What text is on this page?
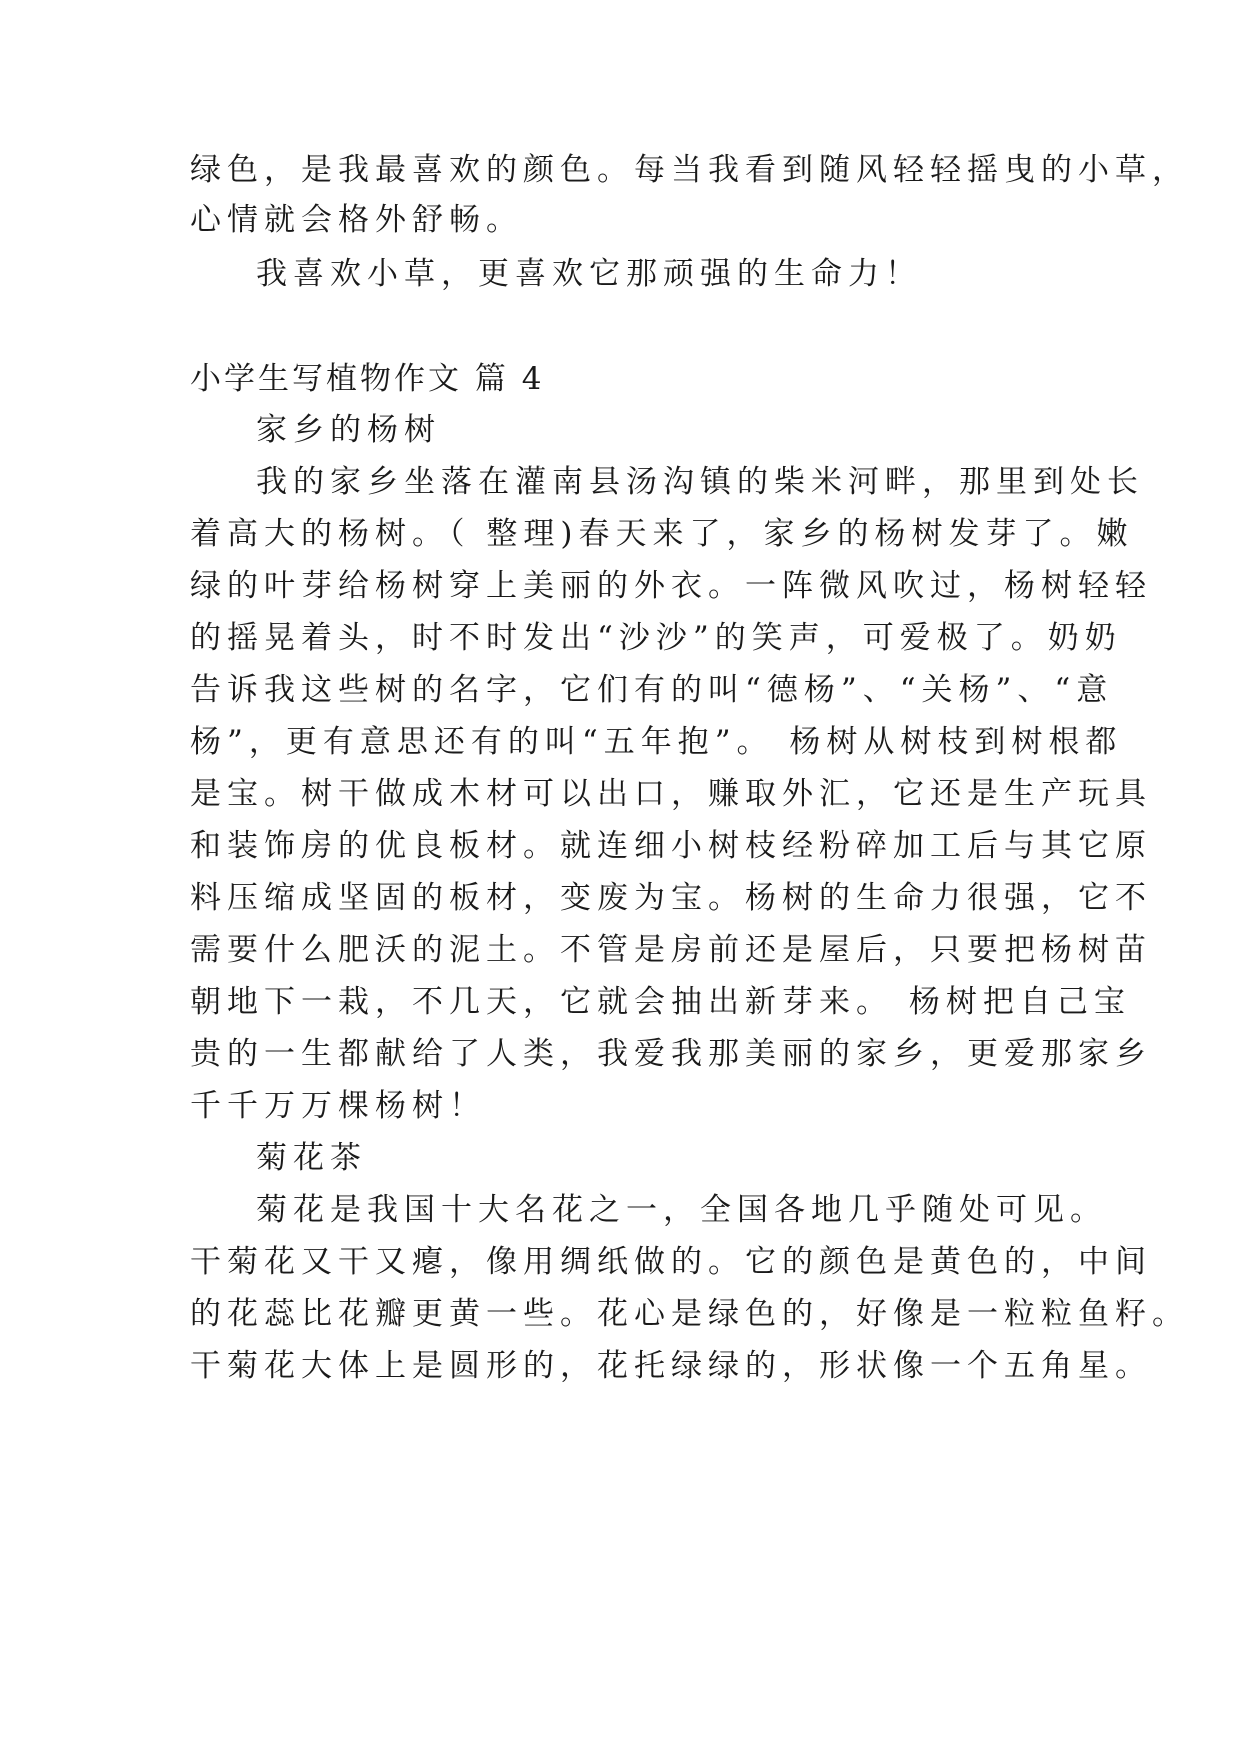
绿色，是我最喜欢的颜色。每当我看到随风轻轻摇曳的小草，
心情就会格外舒畅。
我喜欢小草，更喜欢它那顽强的生命力！
小学生写植物作文 篇 4
家乡的杨树
我的家乡坐落在灌南县汤沟镇的柴米河畔，那里到处长
着高大的杨树。（ 整理)春天来了，家乡的杨树发芽了。嫩
绿的叶芽给杨树穿上美丽的外衣。一阵微风吹过，杨树轻轻
的摇晃着头，时不时发出“沙沙”的笑声，可爱极了。奶奶
告诉我这些树的名字，它们有的叫“德杨”、“关杨”、“意
杨”，更有意思还有的叫“五年抱”。 杨树从树枝到树根都
是宝。树干做成木材可以出口，赚取外汇，它还是生产玩具
和装饰房的优良板材。就连细小树枝经粉碎加工后与其它原
料压缩成坚固的板材，变废为宝。杨树的生命力很强，它不
需要什么肥沃的泥土。不管是房前还是屋后，只要把杨树苗
朝地下一栽，不几天，它就会抽出新芽来。 杨树把自己宝
贵的一生都献给了人类，我爱我那美丽的家乡，更爱那家乡
千千万万棵杨树！
菊花茶
菊花是我国十大名花之一，全国各地几乎随处可见。
干菊花又干又瘪，像用绸纸做的。它的颜色是黄色的，中间
的花蕊比花瓣更黄一些。花心是绿色的，好像是一粒粒鱼籽。
干菊花大体上是圆形的，花托绿绿的，形状像一个五角星。
